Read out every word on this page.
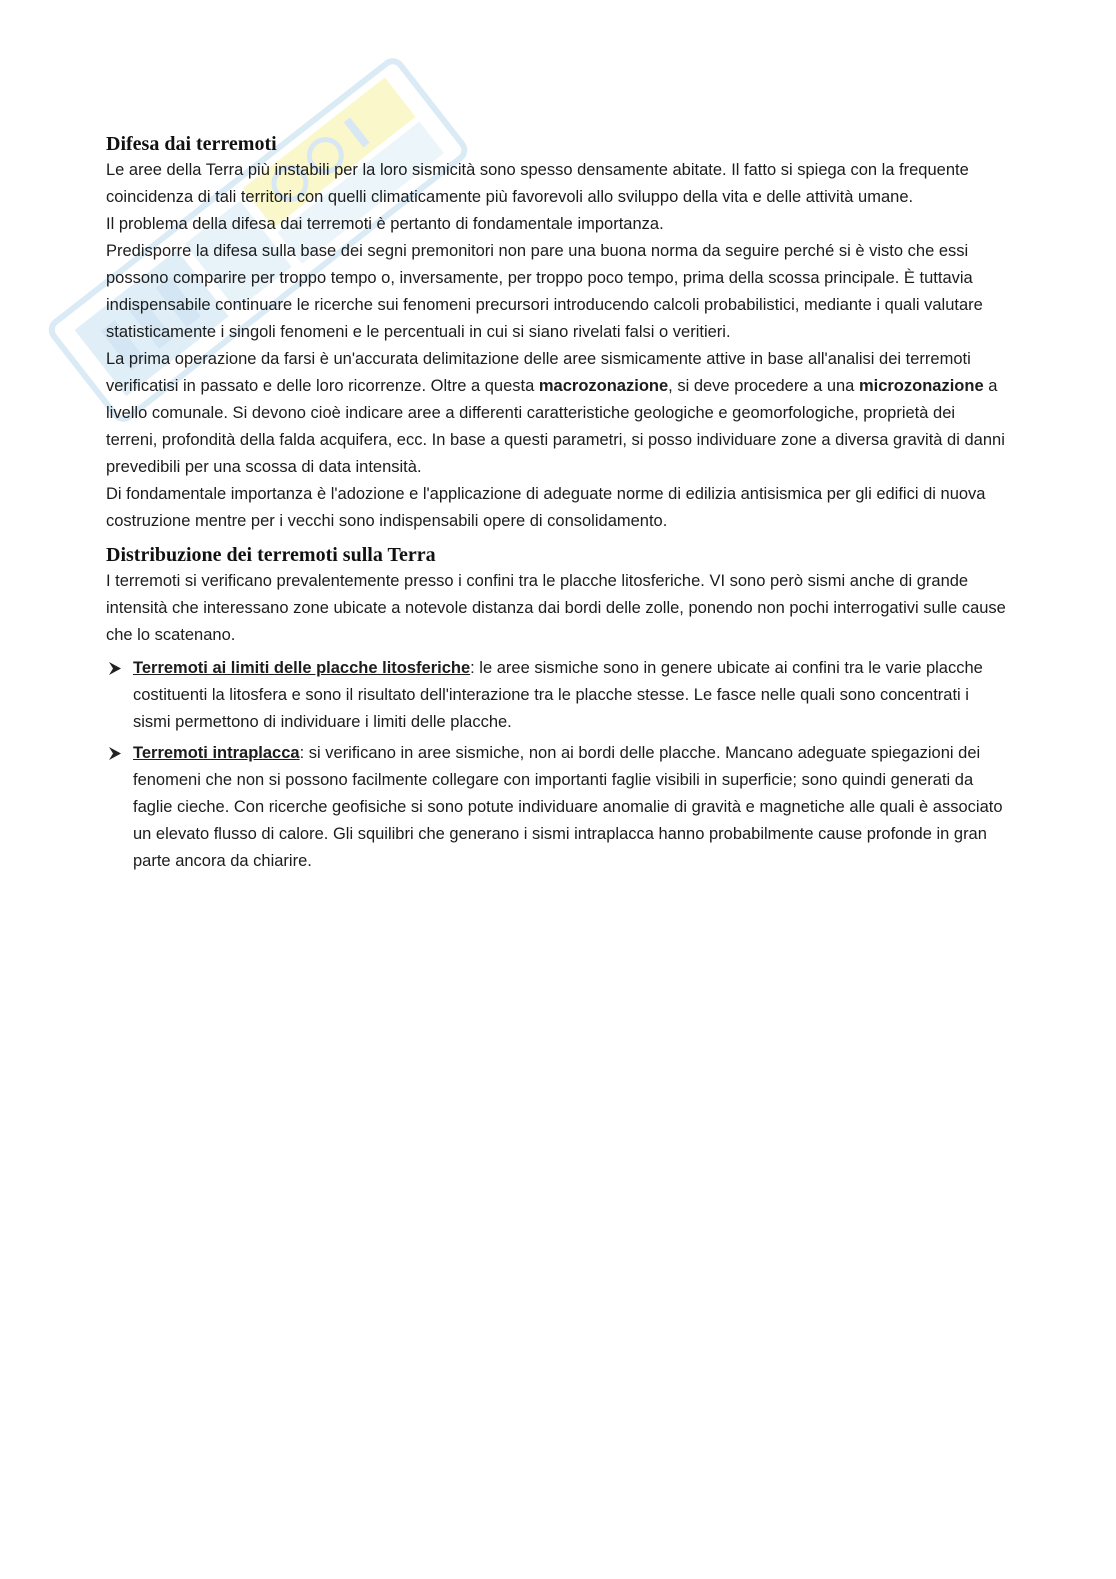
Difesa dai terremoti

Le aree della Terra più instabili per la loro sismicità sono spesso densamente abitate. Il fatto si spiega con la frequente coincidenza di tali territori con quelli climaticamente più favorevoli allo sviluppo della vita e delle attività umane.

Il problema della difesa dai terremoti è pertanto di fondamentale importanza.

Predisporre la difesa sulla base dei segni premonitori non pare una buona norma da seguire perché si è visto che essi possono comparire per troppo tempo o, inversamente, per troppo poco tempo, prima della scossa principale. È tuttavia indispensabile continuare le ricerche sui fenomeni precursori introducendo calcoli probabilistici, mediante i quali valutare statisticamente i singoli fenomeni e le percentuali in cui si siano rivelati falsi o veritieri.

La prima operazione da farsi è un'accurata delimitazione delle aree sismicamente attive in base all'analisi dei terremoti verificatisi in passato e delle loro ricorrenze. Oltre a questa macrozonazione, si deve procedere a una microzonazione a livello comunale. Si devono cioè indicare aree a differenti caratteristiche geologiche e geomorfologiche, proprietà dei terreni, profondità della falda acquifera, ecc. In base a questi parametri, si posso individuare zone a diversa gravità di danni prevedibili per una scossa di data intensità.

Di fondamentale importanza è l'adozione e l'applicazione di adeguate norme di edilizia antisismica per gli edifici di nuova costruzione mentre per i vecchi sono indispensabili opere di consolidamento.

Distribuzione dei terremoti sulla Terra

I terremoti si verificano prevalentemente presso i confini tra le placche litosferiche. VI sono però sismi anche di grande intensità che interessano zone ubicate a notevole distanza dai bordi delle zolle, ponendo non pochi interrogativi sulle cause che lo scatenano.

Terremoti ai limiti delle placche litosferiche: le aree sismiche sono in genere ubicate ai confini tra le varie placche costituenti la litosfera e sono il risultato dell'interazione tra le placche stesse. Le fasce nelle quali sono concentrati i sismi permettono di individuare i limiti delle placche.
Terremoti intraplacca: si verificano in aree sismiche, non ai bordi delle placche. Mancano adeguate spiegazioni dei fenomeni che non si possono facilmente collegare con importanti faglie visibili in superficie; sono quindi generati da faglie cieche. Con ricerche geofisiche si sono potute individuare anomalie di gravità e magnetiche alle quali è associato un elevato flusso di calore. Gli squilibri che generano i sismi intraplacca hanno probabilmente cause profonde in gran parte ancora da chiarire.
